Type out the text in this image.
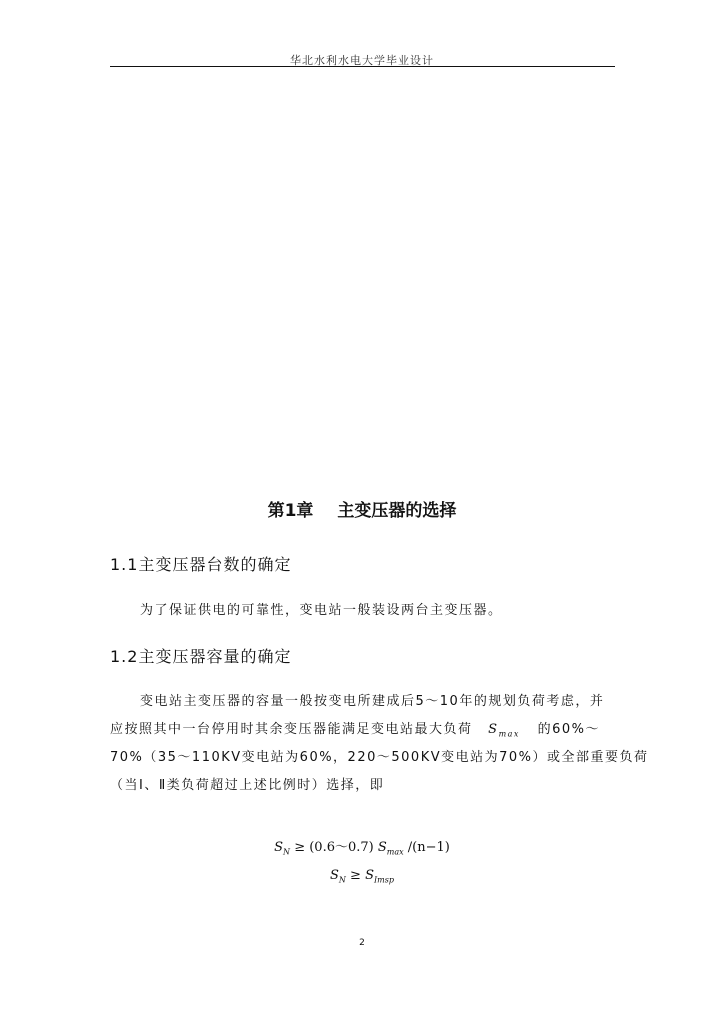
华北水利水电大学毕业设计
第1章 主变压器的选择
1.1主变压器台数的确定
为了保证供电的可靠性，变电站一般装设两台主变压器。
1.2主变压器容量的确定
变电站主变压器的容量一般按变电所建成后5～10年的规划负荷考虑，并
应按照其中一台停用时其余变压器能满足变电站最大负荷 $S_{max}$ 的60%～
70%（35～110KV变电站为60%，220～500KV变电站为70%）或全部重要负荷
（当Ⅰ、Ⅱ类负荷超过上述比例时）选择，即
$S_N$ ≥ (0.6～0.7) $S_{max}$ /(n−1)
$S_N \ge S_{Imsp}$
2
